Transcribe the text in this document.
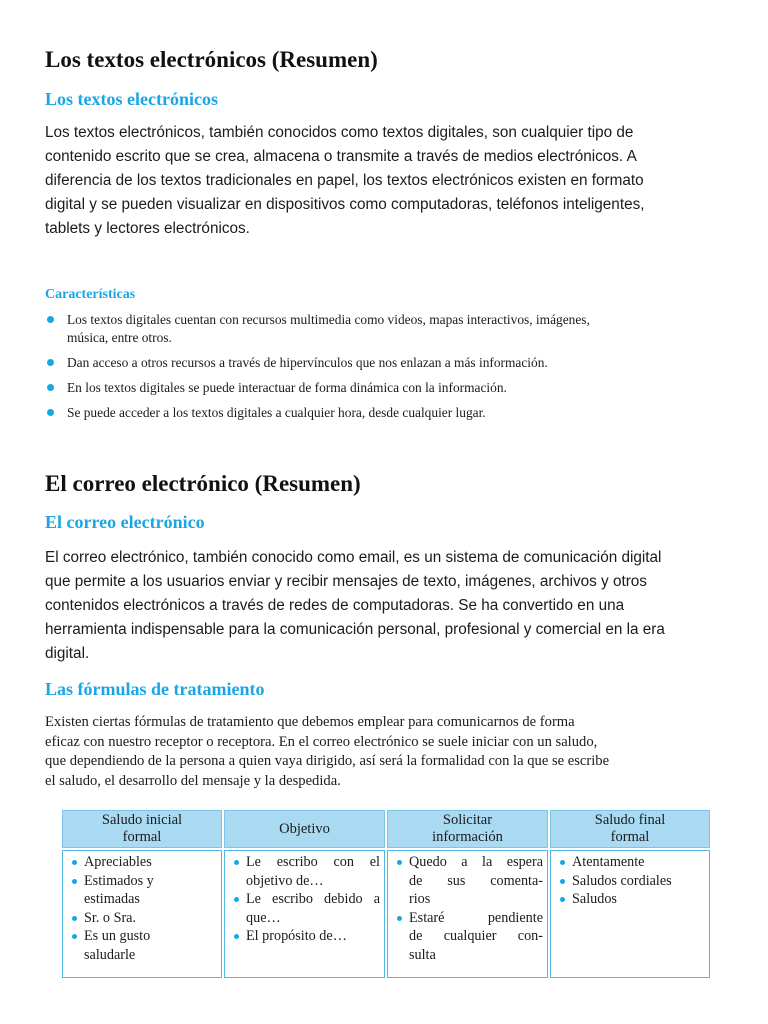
Los textos electrónicos (Resumen)
Los textos electrónicos
Los textos electrónicos, también conocidos como textos digitales, son cualquier tipo de
contenido escrito que se crea, almacena o transmite a través de medios electrónicos. A
diferencia de los textos tradicionales en papel, los textos electrónicos existen en formato
digital y se pueden visualizar en dispositivos como computadoras, teléfonos inteligentes,
tablets y lectores electrónicos.
Características
Los textos digitales cuentan con recursos multimedia como videos, mapas interactivos, imágenes,
música, entre otros.
Dan acceso a otros recursos a través de hipervínculos que nos enlazan a más información.
En los textos digitales se puede interactuar de forma dinámica con la información.
Se puede acceder a los textos digitales a cualquier hora, desde cualquier lugar.
El correo electrónico (Resumen)
El correo electrónico
El correo electrónico, también conocido como email, es un sistema de comunicación digital
que permite a los usuarios enviar y recibir mensajes de texto, imágenes, archivos y otros
contenidos electrónicos a través de redes de computadoras. Se ha convertido en una
herramienta indispensable para la comunicación personal, profesional y comercial en la era
digital.
Las fórmulas de tratamiento
Existen ciertas fórmulas de tratamiento que debemos emplear para comunicarnos de forma
eficaz con nuestro receptor o receptora. En el correo electrónico se suele iniciar con un saludo,
que dependiendo de la persona a quien vaya dirigido, así será la formalidad con la que se escribe
el saludo, el desarrollo del mensaje y la despedida.
Saludo inicial
formal
Objetivo
Solicitar
información
Saludo final
formal
Apreciables
Estimados y
estimadas
Sr. o Sra.
Es un gusto
saludarle
Le escribo con el
objetivo de…
Le escribo debido a
que…
El propósito de…
Quedo a la espera
de sus comenta-
rios
Estaré pendiente
de cualquier con-
sulta
Atentamente
Saludos cordiales
Saludos
